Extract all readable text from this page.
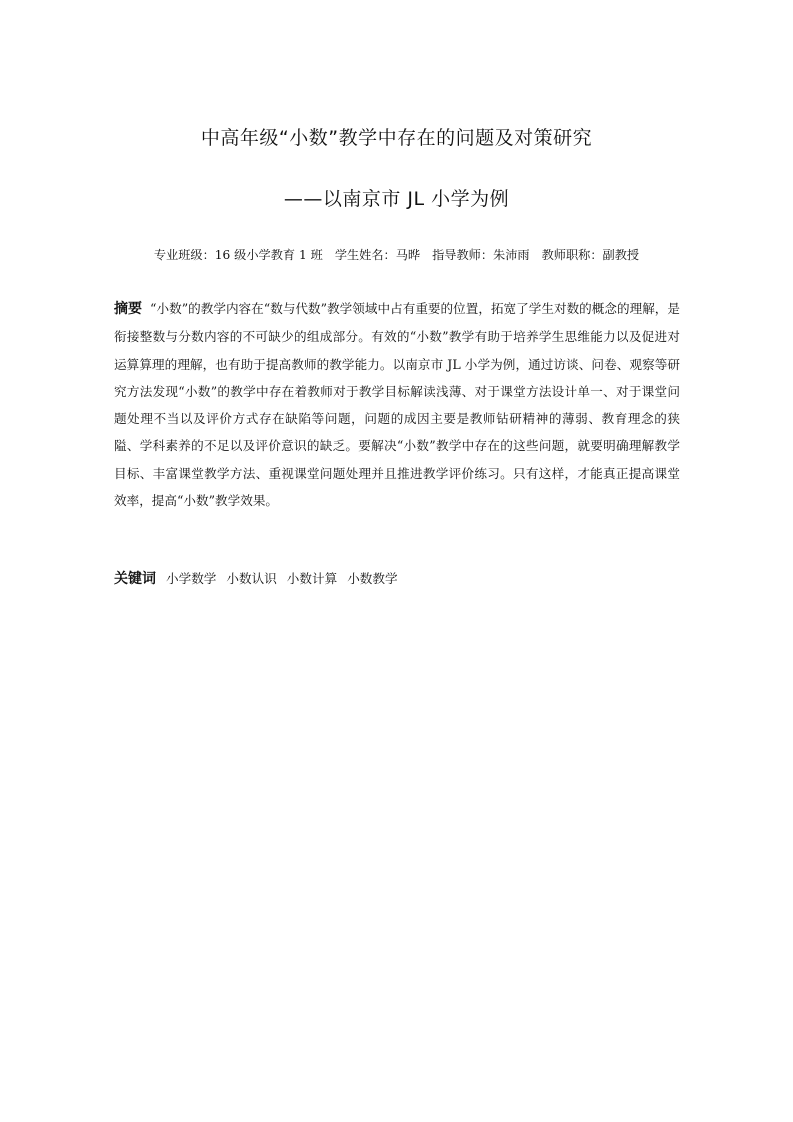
中高年级“小数”教学中存在的问题及对策研究
——以南京市 JL 小学为例
专业班级：16 级小学教育 1 班 学生姓名：马晔 指导教师：朱沛雨 教师职称：副教授
摘要 “小数”的教学内容在“数与代数”教学领域中占有重要的位置，拓宽了学生对数的概念的理解，是衔接整数与分数内容的不可缺少的组成部分。有效的“小数”教学有助于培养学生思维能力以及促进对运算算理的理解，也有助于提高教师的教学能力。以南京市 JL 小学为例，通过访谈、问卷、观察等研究方法发现“小数”的教学中存在着教师对于教学目标解读浅薄、对于课堂方法设计单一、对于课堂问题处理不当以及评价方式存在缺陷等问题，问题的成因主要是教师钻研精神的薄弱、教育理念的狭隘、学科素养的不足以及评价意识的缺乏。要解决“小数”教学中存在的这些问题，就要明确理解教学目标、丰富课堂教学方法、重视课堂问题处理并且推进教学评价练习。只有这样，才能真正提高课堂效率，提高“小数”教学效果。
关键词 小学数学 小数认识 小数计算 小数教学
